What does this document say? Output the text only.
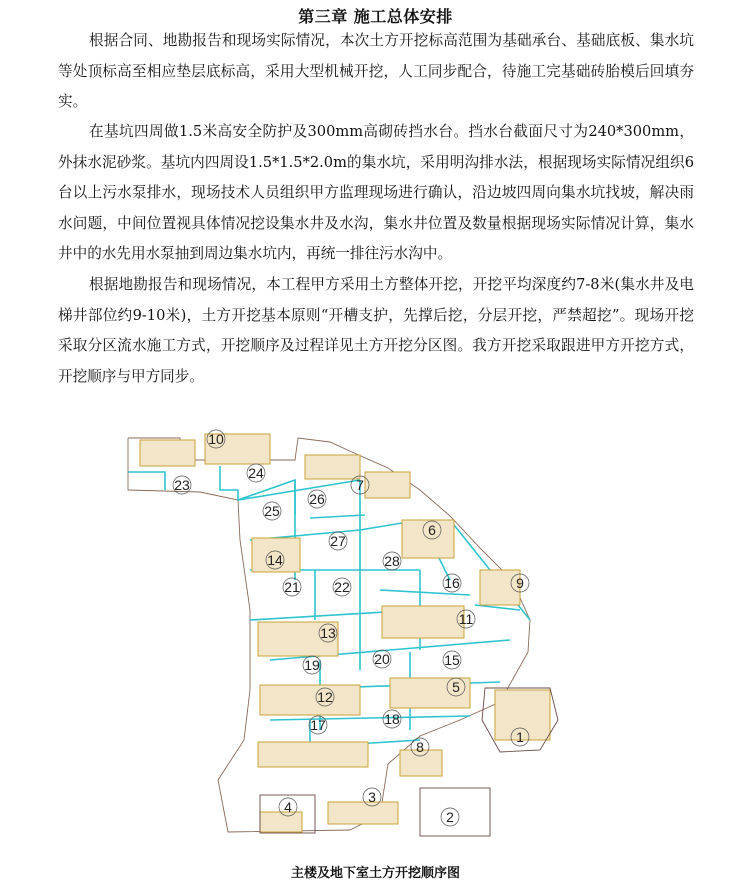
第三章 施工总体安排

根据合同、地勘报告和现场实际情况，本次土方开挖标高范围为基础承台、基础底板、集水坑等处顶标高至相应垫层底标高，采用大型机械开挖，人工同步配合，待施工完基础砖胎模后回填夯实。

在基坑四周做1.5米高安全防护及300mm高砌砖挡水台。挡水台截面尺寸为240*300mm，外抹水泥砂浆。基坑内四周设1.5*1.5*2.0m的集水坑，采用明沟排水法，根据现场实际情况组织6台以上污水泵排水，现场技术人员组织甲方监理现场进行确认，沿边坡四周向集水坑找坡，解决雨水问题，中间位置视具体情况挖设集水井及水沟，集水井位置及数量根据现场实际情况计算，集水井中的水先用水泵抽到周边集水坑内，再统一排往污水沟中。

根据地勘报告和现场情况，本工程甲方采用土方整体开挖，开挖平均深度约7-8米(集水井及电梯井部位约9-10米)，土方开挖基本原则“开槽支护，先撑后挖，分层开挖，严禁超挖”。现场开挖采取分区流水施工方式，开挖顺序及过程详见土方开挖分区图。我方开挖采取跟进甲方开挖方式，开挖顺序与甲方同步。

1
2
3
4
5
6
7
8
9
10
11
12
13
14
15
16
17	18
19	20
21 22
23
24
25
26
27
28
主楼及地下室土方开挖顺序图
